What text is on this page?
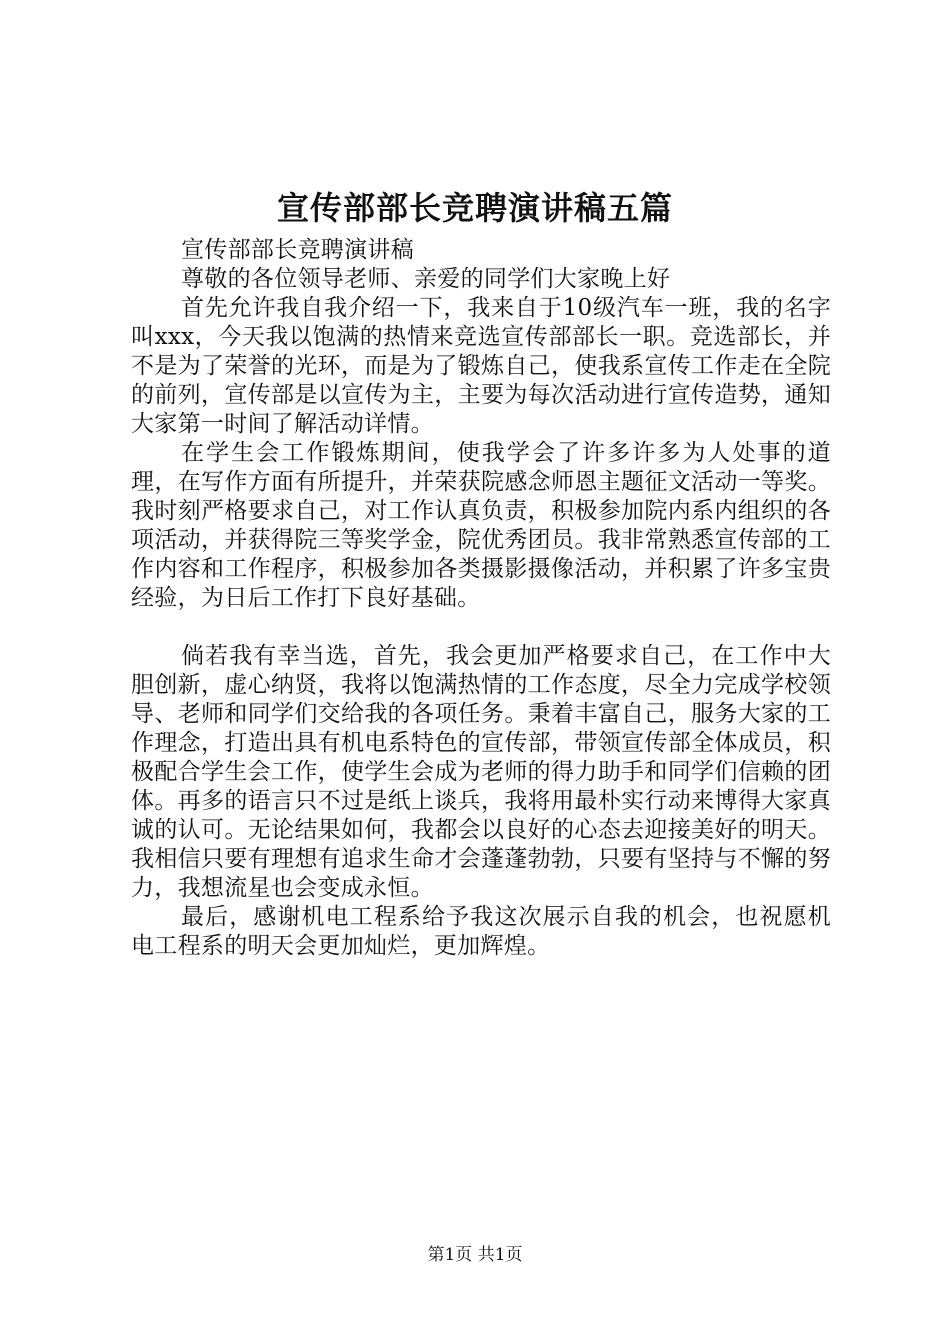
宣传部部长竞聘演讲稿五篇

宣传部部长竞聘演讲稿

尊敬的各位领导老师、亲爱的同学们大家晚上好

首先允许我自我介绍一下，我来自于10级汽车一班，我的名字叫xxx，今天我以饱满的热情来竞选宣传部部长一职。竞选部长，并不是为了荣誉的光环，而是为了锻炼自己，使我系宣传工作走在全院的前列，宣传部是以宣传为主，主要为每次活动进行宣传造势，通知大家第一时间了解活动详情。

在学生会工作锻炼期间，使我学会了许多许多为人处事的道理，在写作方面有所提升，并荣获院感念师恩主题征文活动一等奖。我时刻严格要求自己，对工作认真负责，积极参加院内系内组织的各项活动，并获得院三等奖学金，院优秀团员。我非常熟悉宣传部的工作内容和工作程序，积极参加各类摄影摄像活动，并积累了许多宝贵经验，为日后工作打下良好基础。

倘若我有幸当选，首先，我会更加严格要求自己，在工作中大胆创新，虚心纳贤，我将以饱满热情的工作态度，尽全力完成学校领导、老师和同学们交给我的各项任务。秉着丰富自己，服务大家的工作理念，打造出具有机电系特色的宣传部，带领宣传部全体成员，积极配合学生会工作，使学生会成为老师的得力助手和同学们信赖的团体。再多的语言只不过是纸上谈兵，我将用最朴实行动来博得大家真诚的认可。无论结果如何，我都会以良好的心态去迎接美好的明天。我相信只要有理想有追求生命才会蓬蓬勃勃，只要有坚持与不懈的努力，我想流星也会变成永恒。

最后，感谢机电工程系给予我这次展示自我的机会，也祝愿机电工程系的明天会更加灿烂，更加辉煌。

第1页 共1页
